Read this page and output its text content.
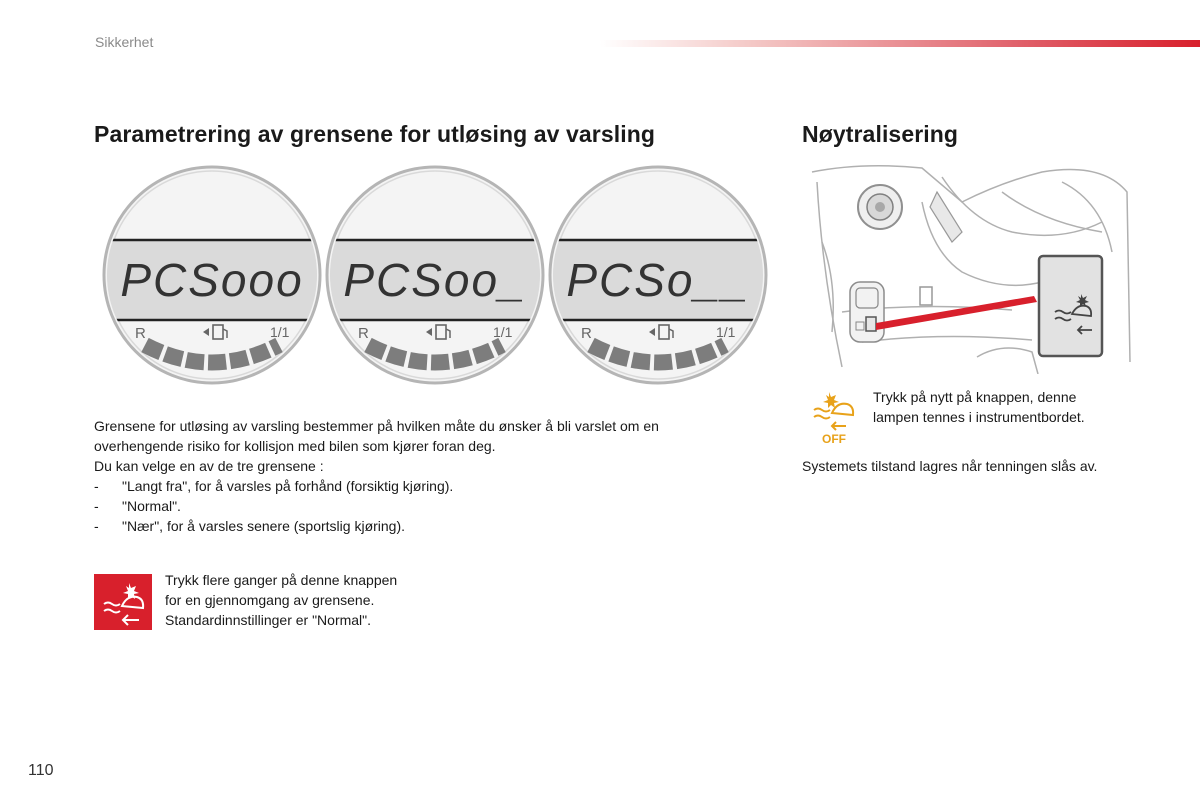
Sikkerhet
Parametrering av grensene for utløsing av varsling	Nøytralisering
PCSooo
R	1/1
PCSoo_
R	1/1
PCSo__
R	1/1

Grensene for utløsing av varsling bestemmer på hvilken måte du ønsker å bli varslet om en

overhengende risiko for kollisjon med bilen som kjører foran deg.

Du kan velge en av de tre grensene :

- "Langt fra", for å varsles på forhånd (forsiktig kjøring).
- "Normal".
- "Nær", for å varsles senere (sportslig kjøring).

Trykk flere ganger på denne knappen

for en gjennomgang av grensene.

Standardinnstillinger er "Normal".

OFF

Trykk på nytt på knappen, denne

lampen tennes i instrumentbordet.

Systemets tilstand lagres når tenningen slås av.
110
